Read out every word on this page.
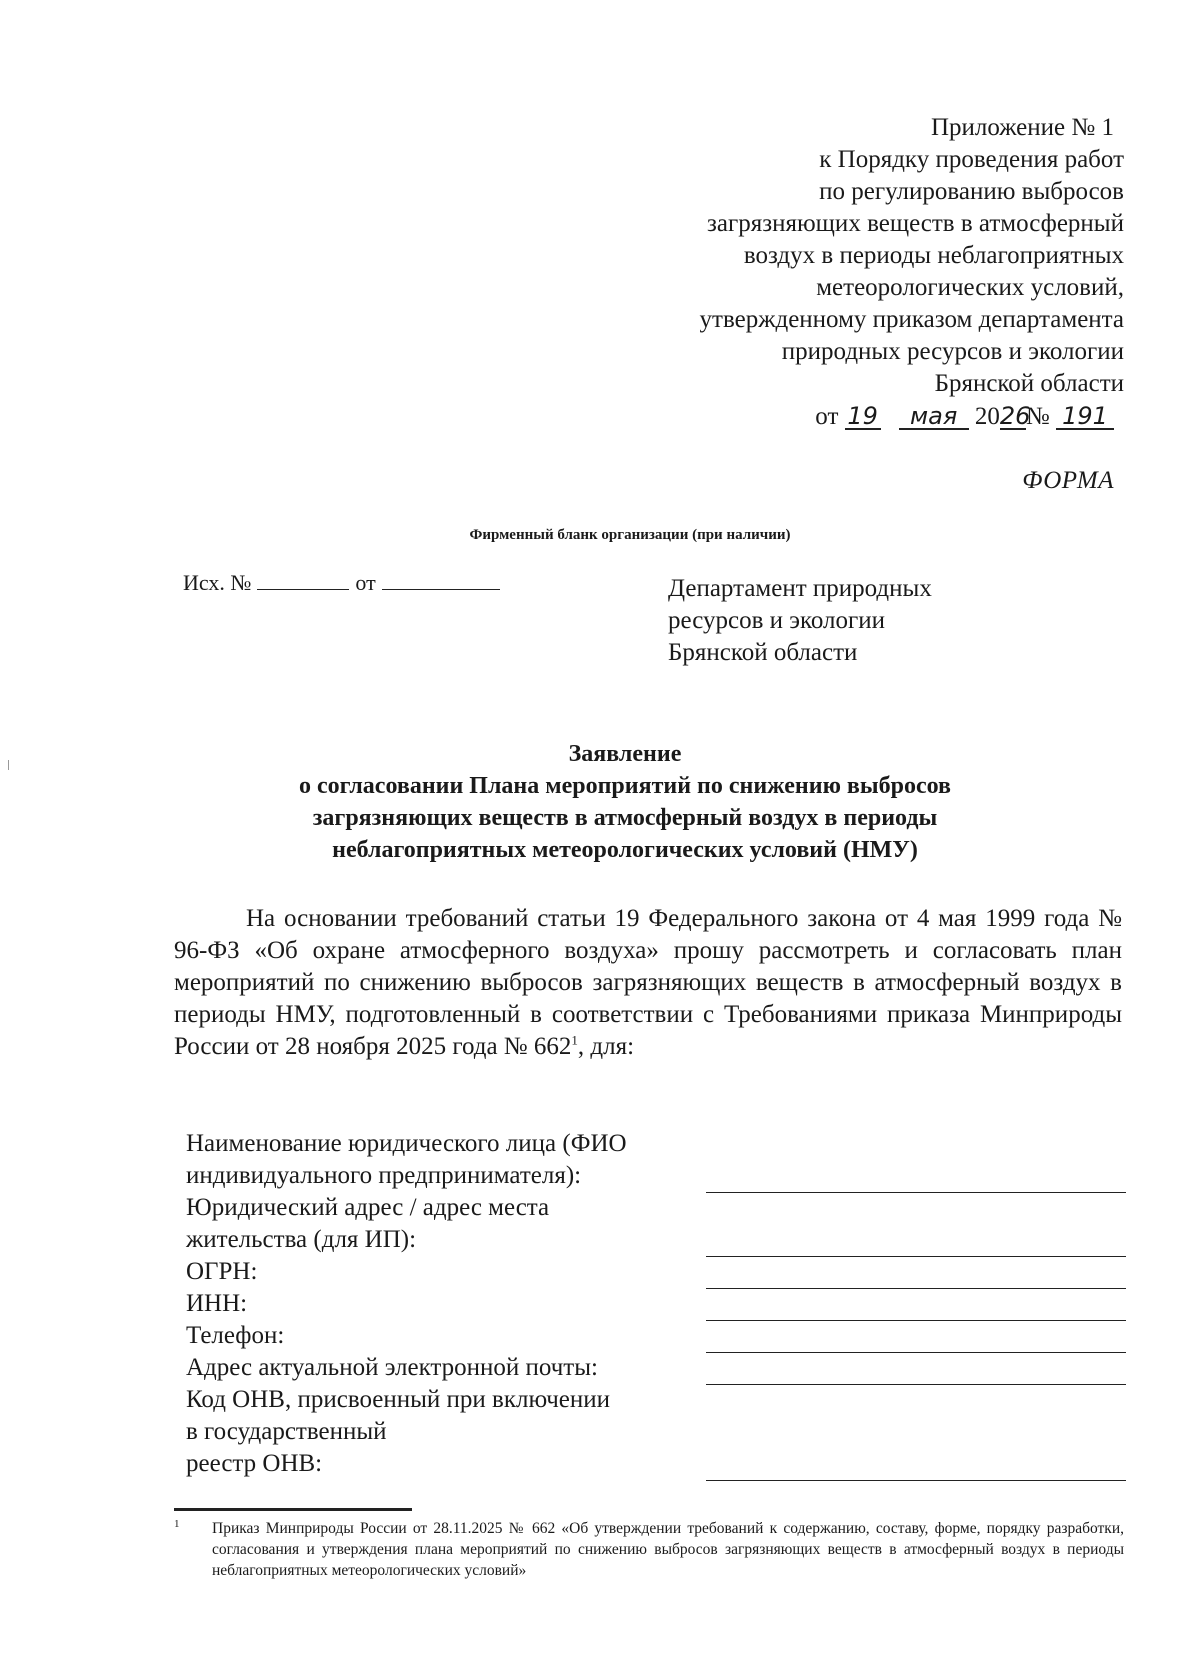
Приложение № 1
к Порядку проведения работ
по регулированию выбросов
загрязняющих веществ в атмосферный
воздух в периоды неблагоприятных
метеорологических условий,
утвержденному приказом департамента
природных ресурсов и экологии
Брянской области
от 19 мая 2026№ 191
ФОРМА
Фирменный бланк организации (при наличии)
Исх. №	от	Департамент природных
ресурсов и экологии
Брянской области
Заявление
о согласовании Плана мероприятий по снижению выбросов
загрязняющих веществ в атмосферный воздух в периоды
неблагоприятных метеорологических условий (НМУ)

На основании требований статьи 19 Федерального закона от 4 мая 1999 года № 96-ФЗ «Об охране атмосферного воздуха» прошу рассмотреть и согласовать план мероприятий по снижению выбросов загрязняющих веществ в атмосферный воздух в периоды НМУ, подготовленный в соответствии с Требованиями приказа Минприроды России от 28 ноября 2025 года № $662^1$, для:

Наименование юридического лица (ФИО
индивидуального предпринимателя):
Юридический адрес / адрес места
жительства (для ИП):
ОГРН:
ИНН:
Телефон:
Адрес актуальной электронной почты:
Код ОНВ, присвоенный при включении
в государственный
реестр ОНВ:
1 Приказ Минприроды России от 28.11.2025 № 662 «Об утверждении требований к содержанию, составу, форме, порядку разработки, согласования и утверждения плана мероприятий по снижению выбросов загрязняющих веществ в атмосферный воздух в периоды неблагоприятных метеорологических условий»
